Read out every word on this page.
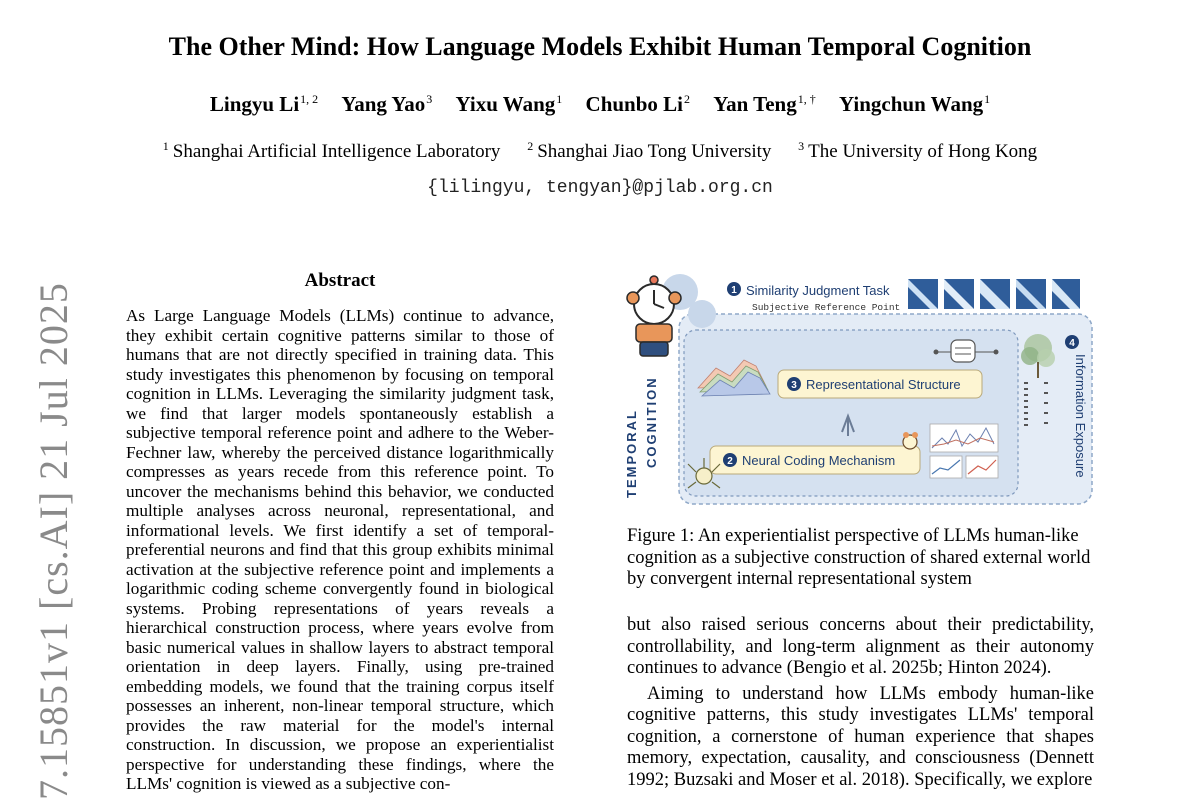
The Other Mind: How Language Models Exhibit Human Temporal Cognition
Lingyu Li$^{1, 2}$ Yang Yao$^3$ Yixu Wang$^1$ Chunbo Li$^2$ Yan Teng$^{1, \dagger}$ Yingchun Wang$^1$
$^1$ Shanghai Artificial Intelligence Laboratory $^2$ Shanghai Jiao Tong University $^3$ The University of Hong Kong
{lilingyu, tengyan}@pjlab.org.cn
7.15851v1 [cs.AI] 21 Jul 2025
Abstract
As Large Language Models (LLMs) continue to advance, they exhibit certain cognitive patterns similar to those of humans that are not directly specified in training data. This study investigates this phenomenon by focusing on temporal cognition in LLMs. Leveraging the similarity judgment task, we find that larger models spontaneously establish a subjective temporal reference point and adhere to the Weber-Fechner law, whereby the perceived distance logarithmically compresses as years recede from this reference point. To uncover the mechanisms behind this behavior, we conducted multiple analyses across neuronal, representational, and informational levels. We first identify a set of temporal-preferential neurons and find that this group exhibits minimal activation at the subjective reference point and implements a logarithmic coding scheme convergently found in biological systems. Probing representations of years reveals a hierarchical construction process, where years evolve from basic numerical values in shallow layers to abstract temporal orientation in deep layers. Finally, using pre-trained embedding models, we found that the training corpus itself possesses an inherent, non-linear temporal structure, which provides the raw material for the model's internal construction. In discussion, we propose an experientialist perspective for understanding these findings, where the LLMs' cognition is viewed as a subjective con-
TEMPORAL COGNITION
1 Similarity Judgment Task
Subjective Reference Point
3 Representational Structure
2 Neural Coding Mechanism
4
Information Exposure
Figure 1: An experientialist perspective of LLMs human-like cognition as a subjective construction of shared external world by convergent internal representational system

but also raised serious concerns about their predictability, controllability, and long-term alignment as their autonomy continues to advance (Bengio et al. 2025b; Hinton 2024).

Aiming to understand how LLMs embody human-like cognitive patterns, this study investigates LLMs' temporal cognition, a cornerstone of human experience that shapes memory, expectation, causality, and consciousness (Dennett 1992; Buzsaki and Moser et al. 2018). Specifically, we explore
